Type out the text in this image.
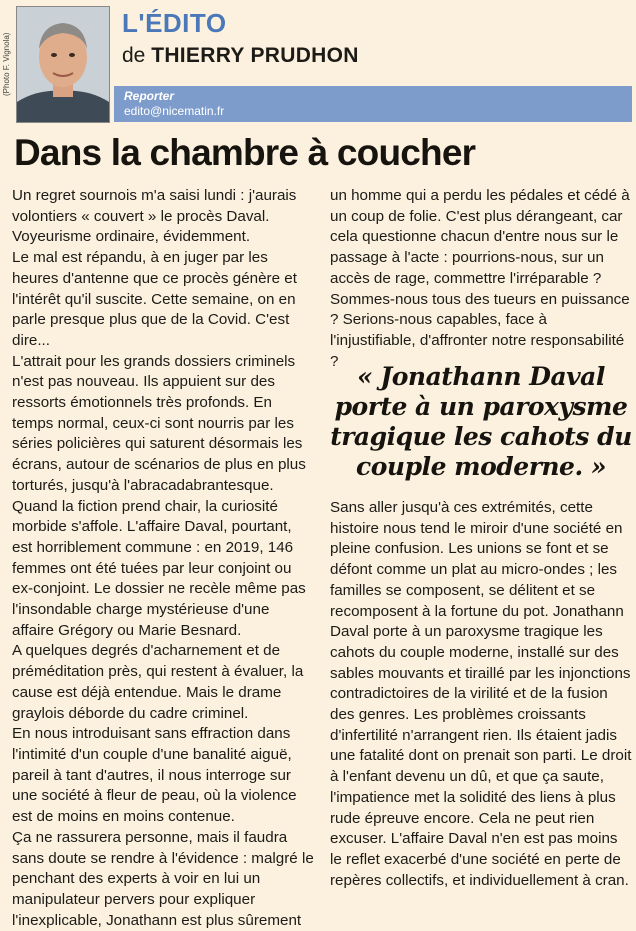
(Photo F. Vignola)
L'ÉDITO
de THIERRY PRUDHON
Reporter
edito@nicematin.fr
Dans la chambre à coucher

Un regret sournois m'a saisi lundi : j'aurais volontiers « couvert » le procès Daval. Voyeurisme ordinaire, évidemment.

Le mal est répandu, à en juger par les heures d'antenne que ce procès génère et l'intérêt qu'il suscite. Cette semaine, on en parle presque plus que de la Covid. C'est dire...

L'attrait pour les grands dossiers criminels n'est pas nouveau. Ils appuient sur des ressorts émotionnels très profonds. En temps normal, ceux-ci sont nourris par les séries policières qui saturent désormais les écrans, autour de scénarios de plus en plus torturés, jusqu'à l'abracadabrantesque. Quand la fiction prend chair, la curiosité morbide s'affole. L'affaire Daval, pourtant, est horriblement commune : en 2019, 146 femmes ont été tuées par leur conjoint ou ex-conjoint. Le dossier ne recèle même pas l'insondable charge mystérieuse d'une affaire Grégory ou Marie Besnard.

A quelques degrés d'acharnement et de préméditation près, qui restent à évaluer, la cause est déjà entendue. Mais le drame graylois déborde du cadre criminel.

En nous introduisant sans effraction dans l'intimité d'un couple d'une banalité aiguë, pareil à tant d'autres, il nous interroge sur une société à fleur de peau, où la violence est de moins en moins contenue.

Ça ne rassurera personne, mais il faudra sans doute se rendre à l'évidence : malgré le penchant des experts à voir en lui un manipulateur pervers pour expliquer l'inexplicable, Jonathann est plus sûrement

un homme qui a perdu les pédales et cédé à un coup de folie. C'est plus dérangeant, car cela questionne chacun d'entre nous sur le passage à l'acte : pourrions-nous, sur un accès de rage, commettre l'irréparable ? Sommes-nous tous des tueurs en puissance ? Serions-nous capables, face à l'injustifiable, d'affronter notre responsabilité ?

« Jonathann Daval porte à un paroxysme tragique les cahots du couple moderne. »

Sans aller jusqu'à ces extrémités, cette histoire nous tend le miroir d'une société en pleine confusion. Les unions se font et se défont comme un plat au micro-ondes ; les familles se composent, se délitent et se recomposent à la fortune du pot. Jonathann Daval porte à un paroxysme tragique les cahots du couple moderne, installé sur des sables mouvants et tiraillé par les injonctions contradictoires de la virilité et de la fusion des genres. Les problèmes croissants d'infertilité n'arrangent rien. Ils étaient jadis une fatalité dont on prenait son parti. Le droit à l'enfant devenu un dû, et que ça saute, l'impatience met la solidité des liens à plus rude épreuve encore. Cela ne peut rien excuser. L'affaire Daval n'en est pas moins le reflet exacerbé d'une société en perte de repères collectifs, et individuellement à cran.
